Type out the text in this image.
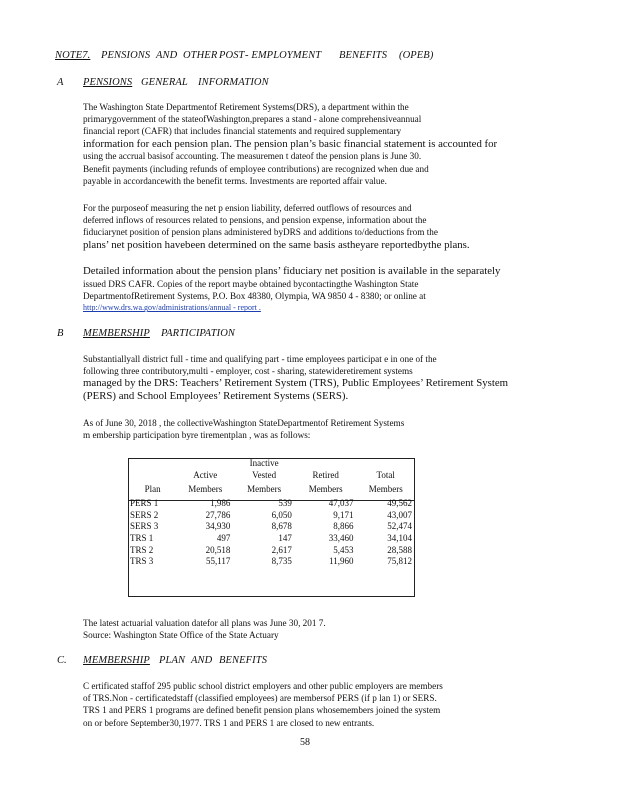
NOTE7. PENSIONS AND OTHER POST - EMPLOYMENT BENEFITS (OPEB)
A PENSIONS GENERAL INFORMATION
The Washington State Departmentof Retirement Systems(DRS), a department within the
primarygovernment of the stateofWashington,prepares a stand - alone comprehensiveannual
financial report (CAFR) that includes financial statements and required supplementary
information for each pension plan. The pension plan’s basic financial statement is accounted for
using the accrual basisof accounting. The measuremen t dateof the pension plans is June 30.
Benefit payments (including refunds of employee contributions) are recognized when due and
payable in accordancewith the benefit terms. Investments are reported affair value.
For the purposeof measuring the net p ension liability, deferred outflows of resources and
deferred inflows of resources related to pensions, and pension expense, information about the
fiduciarynet position of pension plans administered byDRS and additions to/deductions from the
plans’ net position havebeen determined on the same basis astheyare reportedbythe plans.
Detailed information about the pension plans’ fiduciary net position is available in the separately
issued DRS CAFR. Copies of the report maybe obtained bycontactingthe Washington State
DepartmentofRetirement Systems, P.O. Box 48380, Olympia, WA 9850 4 - 8380; or online at
http://www.drs.wa.gov/administrations/annual - report .
B MEMBERSHIP PARTICIPATION
Substantiallyall district full - time and qualifying part - time employees participat e in one of the
following three contributory,multi - employer, cost - sharing, statewideretirement systems
managed by the DRS: Teachers’ Retirement System (TRS), Public Employees’ Retirement System
(PERS) and School Employees’ Retirement Systems (SERS).
As of June 30, 2018 , the collectiveWashington StateDepartmentof Retirement Systems
m embership participation byre tirementplan , was as follows:
		Inactive		
	Active	Vested	Retired	Total
Plan	Members	Members	Members	Members

PERS 1	1,986	539	47,037	49,562
SERS 2	27,786	6,050	9,171	43,007
SERS 3	34,930	8,678	8,866	52,474
TRS 1	497	147	33,460	34,104
TRS 2	20,518	2,617	5,453	28,588
TRS 3	55,117	8,735	11,960	75,812
The latest actuarial valuation datefor all plans was June 30, 201 7.
Source: Washington State Office of the State Actuary
C. MEMBERSHIP PLAN AND BENEFITS
C ertificated staffof 295 public school district employers and other public employers are members
of TRS.Non - certificatedstaff (classified employees) are membersof PERS (if p lan 1) or SERS.
TRS 1 and PERS 1 programs are defined benefit pension plans whosemembers joined the system
on or before September30,1977. TRS 1 and PERS 1 are closed to new entrants.
58
